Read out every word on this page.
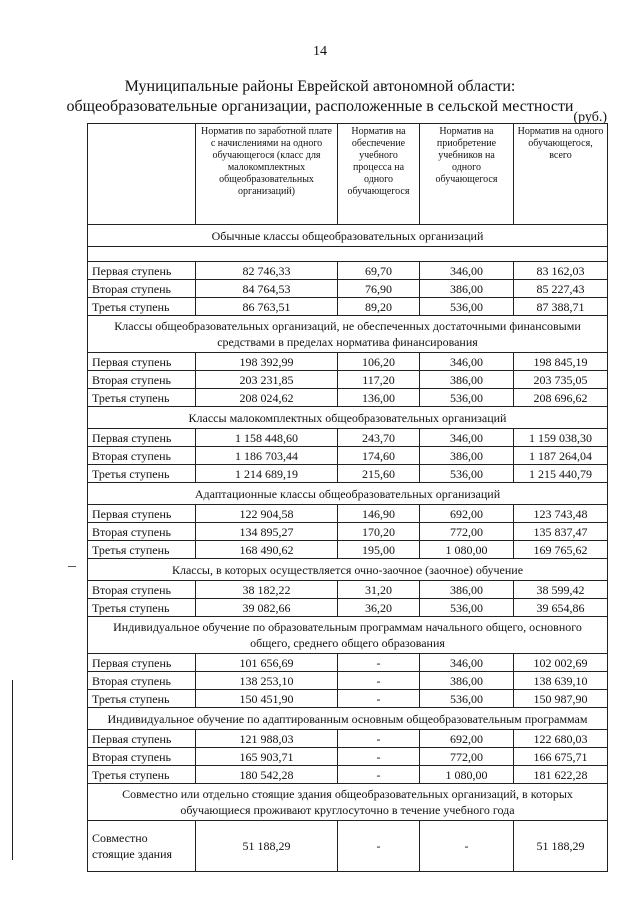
14
Муниципальные районы Еврейской автономной области:
общеобразовательные организации, расположенные в сельской местности
(руб.)
	Норматив по заработной плате с начислениями на одного обучающегося (класс для малокомплектных общеобразовательных организаций)	Норматив на обеспечение учебного процесса на одного обучающегося	Норматив на приобретение учебников на одного обучающегося	Норматив на одного обучающегося, всего
Обычные классы общеобразовательных организаций				

Первая ступень	82 746,33	69,70	346,00	83 162,03
Вторая ступень	84 764,53	76,90	386,00	85 227,43
Третья ступень	86 763,51	89,20	536,00	87 388,71
Классы общеобразовательных организаций, не обеспеченных достаточными финансовыми средствами в пределах норматива финансирования				
Первая ступень	198 392,99	106,20	346,00	198 845,19
Вторая ступень	203 231,85	117,20	386,00	203 735,05
Третья ступень	208 024,62	136,00	536,00	208 696,62
Классы малокомплектных общеобразовательных организаций				
Первая ступень	1 158 448,60	243,70	346,00	1 159 038,30
Вторая ступень	1 186 703,44	174,60	386,00	1 187 264,04
Третья ступень	1 214 689,19	215,60	536,00	1 215 440,79
Адаптационные классы общеобразовательных организаций				
Первая ступень	122 904,58	146,90	692,00	123 743,48
Вторая ступень	134 895,27	170,20	772,00	135 837,47
Третья ступень	168 490,62	195,00	1 080,00	169 765,62
Классы, в которых осуществляется очно-заочное (заочное) обучение				
Вторая ступень	38 182,22	31,20	386,00	38 599,42
Третья ступень	39 082,66	36,20	536,00	39 654,86
Индивидуальное обучение по образовательным программам начального общего, основного общего, среднего общего образования				
Первая ступень	101 656,69	-	346,00	102 002,69
Вторая ступень	138 253,10	-	386,00	138 639,10
Третья ступень	150 451,90	-	536,00	150 987,90
Индивидуальное обучение по адаптированным основным общеобразовательным программам				
Первая ступень	121 988,03	-	692,00	122 680,03
Вторая ступень	165 903,71	-	772,00	166 675,71
Третья ступень	180 542,28	-	1 080,00	181 622,28
Совместно или отдельно стоящие здания общеобразовательных организаций, в которых обучающиеся проживают круглосуточно в течение учебного года				
Совместно стоящие здания	51 188,29	-	-	51 188,29
